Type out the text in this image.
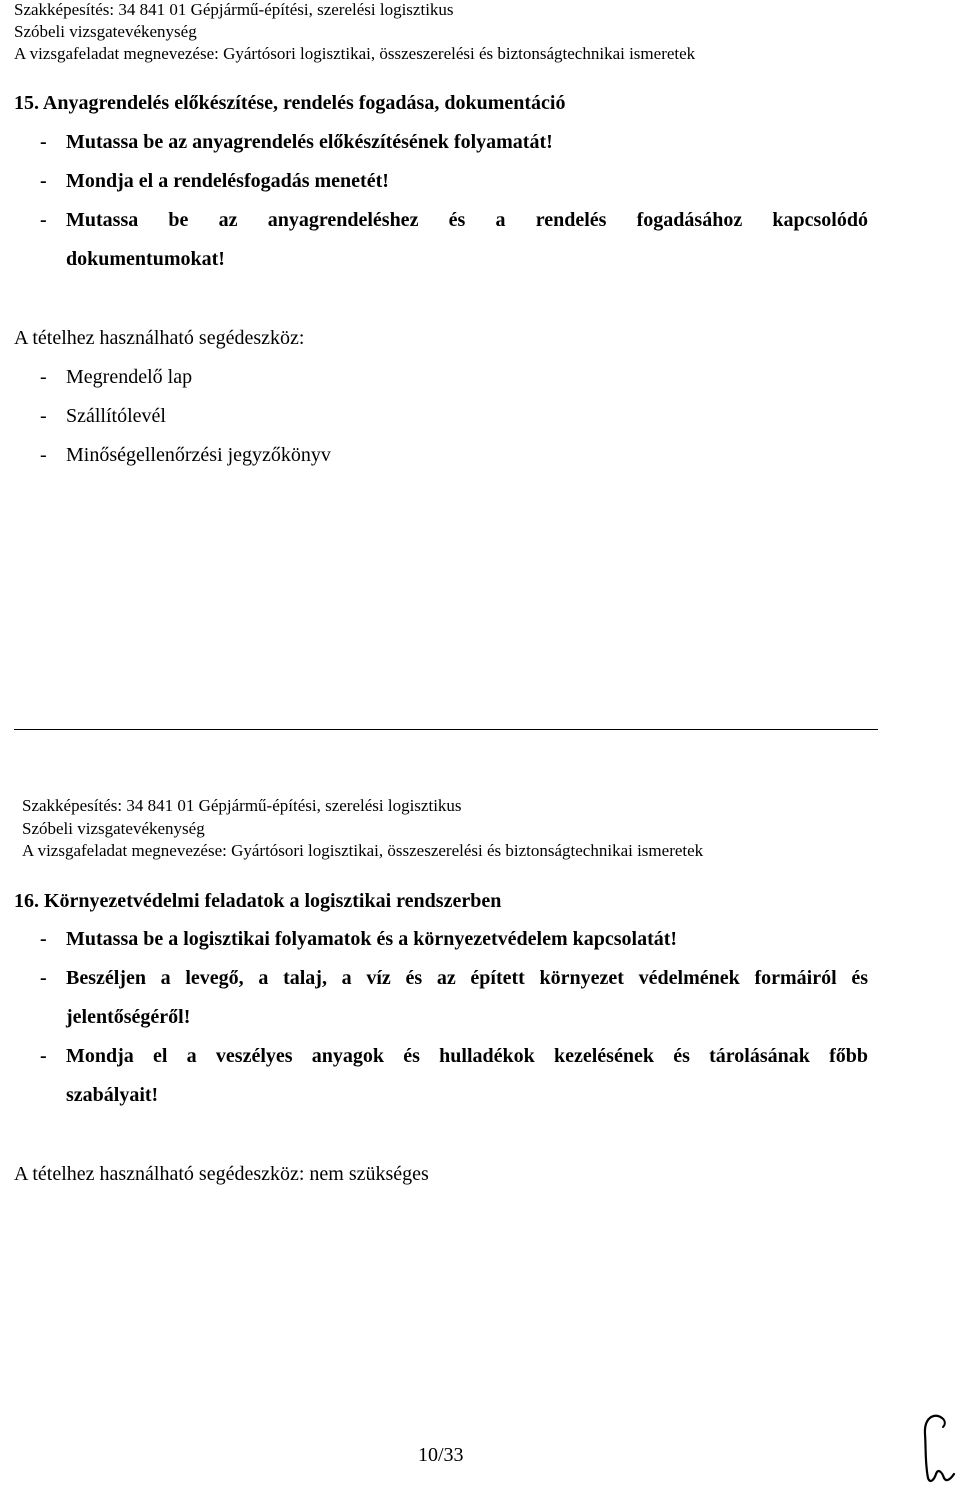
Szakképesítés: 34 841 01 Gépjármű-építési, szerelési logisztikus
Szóbeli vizsgatevékenység
A vizsgafeladat megnevezése: Gyártósori logisztikai, összeszerelési és biztonságtechnikai ismeretek
15. Anyagrendelés előkészítése, rendelés fogadása, dokumentáció
- Mutassa be az anyagrendelés előkészítésének folyamatát!
- Mondja el a rendelésfogadás menetét!
- Mutassa be az anyagrendeléshez és a rendelés fogadásához kapcsolódó
dokumentumokat!
A tételhez használható segédeszköz:
- Megrendelő lap
- Szállítólevél
- Minőségellenőrzési jegyzőkönyv
Szakképesítés: 34 841 01 Gépjármű-építési, szerelési logisztikus
Szóbeli vizsgatevékenység
A vizsgafeladat megnevezése: Gyártósori logisztikai, összeszerelési és biztonságtechnikai ismeretek
16. Környezetvédelmi feladatok a logisztikai rendszerben
- Mutassa be a logisztikai folyamatok és a környezetvédelem kapcsolatát!
- Beszéljen a levegő, a talaj, a víz és az épített környezet védelmének formáiról és
jelentőségéről!
- Mondja el a veszélyes anyagok és hulladékok kezelésének és tárolásának főbb
szabályait!
A tételhez használható segédeszköz: nem szükséges
10/33
